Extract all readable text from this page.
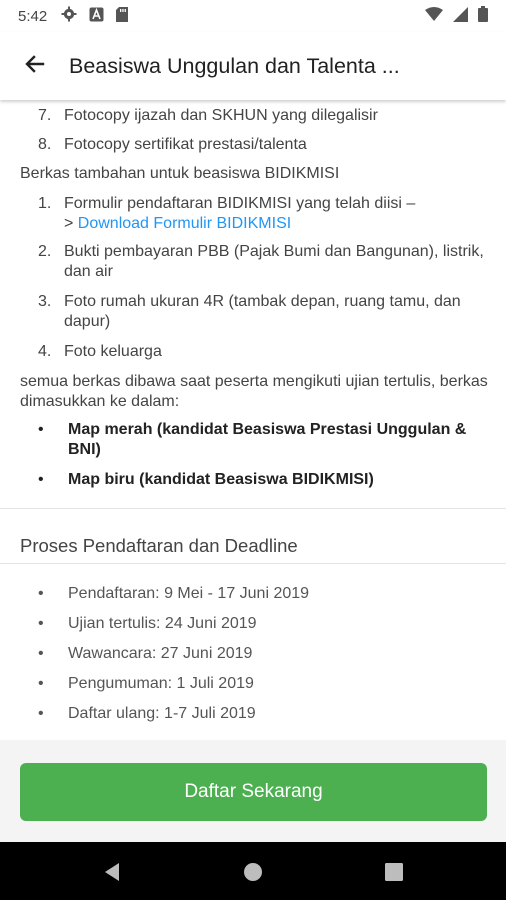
5:42
Beasiswa Unggulan dan Talenta ...
7. Fotocopy ijazah dan SKHUN yang dilegalisir
8. Fotocopy sertifikat prestasi/talenta
Berkas tambahan untuk beasiswa BIDIKMISI
1. Formulir pendaftaran BIDIKMISI yang telah diisi –
> Download Formulir BIDIKMISI
2. Bukti pembayaran PBB (Pajak Bumi dan Bangunan), listrik, dan air
3. Foto rumah ukuran 4R (tambak depan, ruang tamu, dan dapur)
4. Foto keluarga
semua berkas dibawa saat peserta mengikuti ujian tertulis, berkas dimasukkan ke dalam:
• Map merah (kandidat Beasiswa Prestasi Unggulan & BNI)
• Map biru (kandidat Beasiswa BIDIKMISI)
Proses Pendaftaran dan Deadline
• Pendaftaran: 9 Mei - 17 Juni 2019
• Ujian tertulis: 24 Juni 2019
• Wawancara: 27 Juni 2019
• Pengumuman: 1 Juli 2019
• Daftar ulang: 1-7 Juli 2019
Daftar Sekarang
